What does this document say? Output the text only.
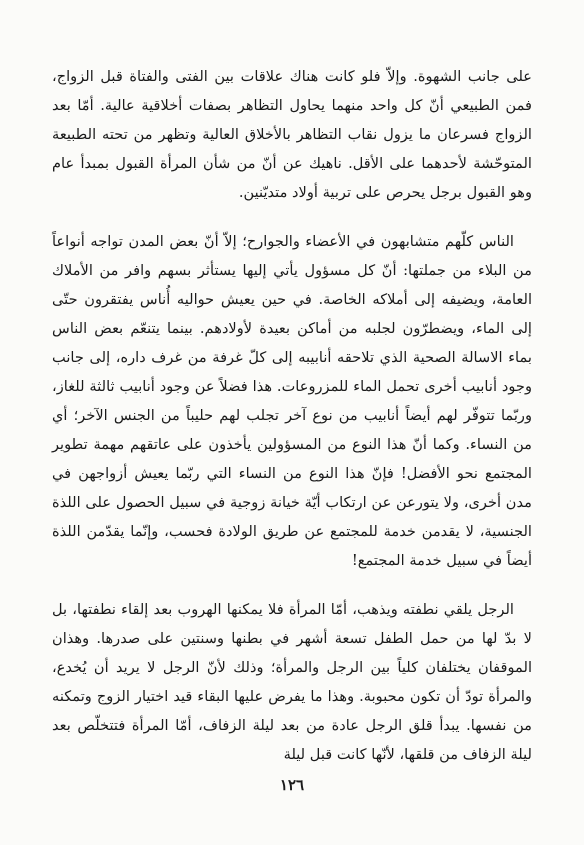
على جانب الشهوة. وإلاّ فلو كانت هناك علاقات بين الفتى والفتاة قبل الزواج، فمن الطبيعي أنّ كل واحد منهما يحاول التظاهر بصفات أخلاقية عالية. أمّا بعد الزواج فسرعان ما يزول نقاب التظاهر بالأخلاق العالية وتظهر من تحته الطبيعة المتوحّشة لأحدهما على الأقل. ناهيك عن أنّ من شأن المرأة القبول بمبدأ عام وهو القبول برجل يحرص على تربية أولاد متديّنين.

الناس كلّهم متشابهون في الأعضاء والجوارح؛ إلاّ أنّ بعض المدن تواجه أنواعاً من البلاء من جملتها: أنّ كل مسؤول يأتي إليها يستأثر بسهم وافر من الأملاك العامة، ويضيفه إلى أملاكه الخاصة. في حين يعيش حواليه أُناس يفتقرون حتّى إلى الماء، ويضطرّون لجلبه من أماكن بعيدة لأولادهم. بينما يتنعّم بعض الناس بماء الاسالة الصحية الذي تلاحقه أنابيبه إلى كلّ غرفة من غرف داره، إلى جانب وجود أنابيب أخرى تحمل الماء للمزروعات. هذا فضلاً عن وجود أنابيب ثالثة للغاز، وربّما تتوفّر لهم أيضاً أنابيب من نوع آخر تجلب لهم حليباً من الجنس الآخر؛ أي من النساء. وكما أنّ هذا النوع من المسؤولين يأخذون على عاتقهم مهمة تطوير المجتمع نحو الأفضل! فإنّ هذا النوع من النساء التي ربّما يعيش أزواجهن في مدن أخرى، ولا يتورعن عن ارتكاب أيّة خيانة زوجية في سبيل الحصول على اللذة الجنسية، لا يقدمن خدمة للمجتمع عن طريق الولادة فحسب، وإنّما يقدّمن اللذة أيضاً في سبيل خدمة المجتمع!

الرجل يلقي نطفته ويذهب، أمّا المرأة فلا يمكنها الهروب بعد إلقاء نطفتها، بل لا بدّ لها من حمل الطفل تسعة أشهر في بطنها وسنتين على صدرها. وهذان الموقفان يختلفان كلياً بين الرجل والمرأة؛ وذلك لأنّ الرجل لا يريد أن يُخدع، والمرأة تودّ أن تكون محبوبة. وهذا ما يفرض عليها البقاء قيد اختيار الزوج وتمكنه من نفسها. يبدأ قلق الرجل عادة من بعد ليلة الزفاف، أمّا المرأة فتتخلّص بعد ليلة الزفاف من قلقها، لأنّها كانت قبل ليلة

١٢٦
